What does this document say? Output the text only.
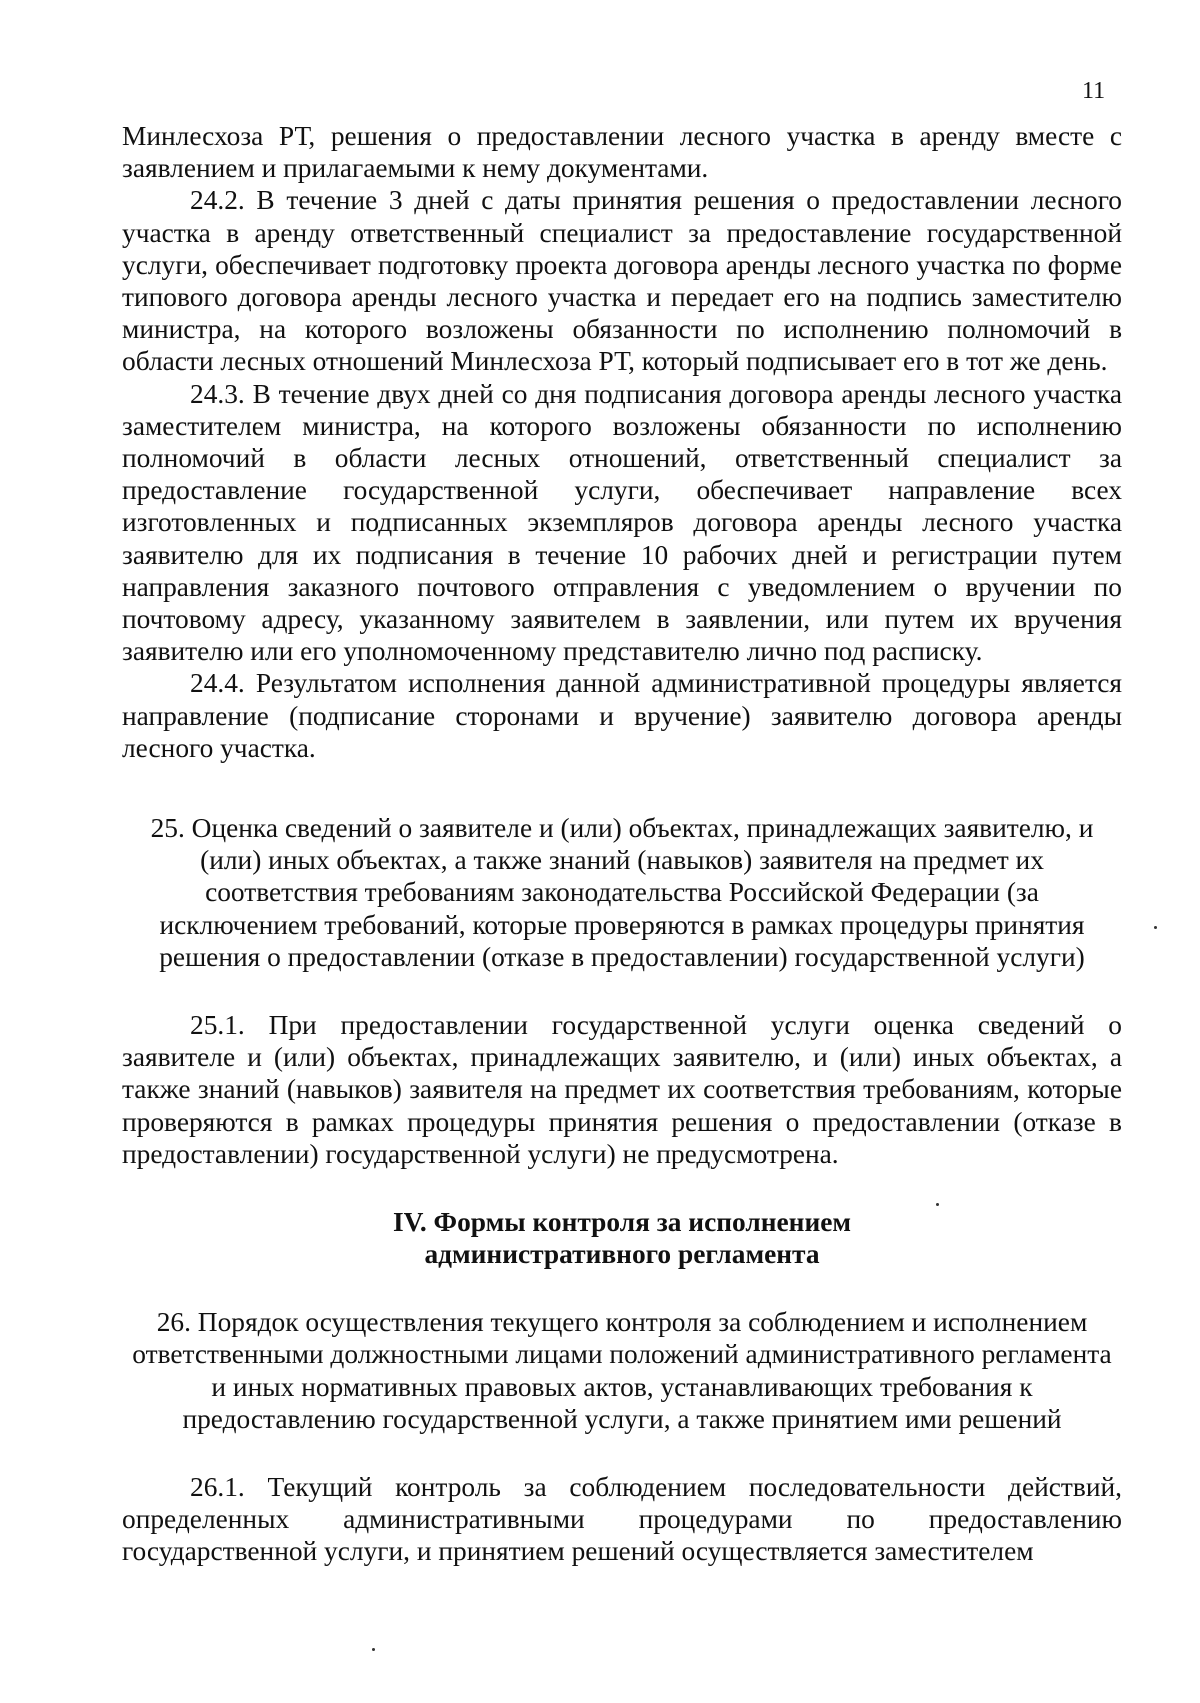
11

Минлесхоза РТ, решения о предоставлении лесного участка в аренду вместе с заявлением и прилагаемыми к нему документами.

24.2. В течение 3 дней с даты принятия решения о предоставлении лесного участка в аренду ответственный специалист за предоставление государственной услуги, обеспечивает подготовку проекта договора аренды лесного участка по форме типового договора аренды лесного участка и передает его на подпись заместителю министра, на которого возложены обязанности по исполнению полномочий в области лесных отношений Минлесхоза РТ, который подписывает его в тот же день.

24.3. В течение двух дней со дня подписания договора аренды лесного участка заместителем министра, на которого возложены обязанности по исполнению полномочий в области лесных отношений, ответственный специалист за предоставление государственной услуги, обеспечивает направление всех изготовленных и подписанных экземпляров договора аренды лесного участка заявителю для их подписания в течение 10 рабочих дней и регистрации путем направления заказного почтового отправления с уведомлением о вручении по почтовому адресу, указанному заявителем в заявлении, или путем их вручения заявителю или его уполномоченному представителю лично под расписку.

24.4. Результатом исполнения данной административной процедуры является направление (подписание сторонами и вручение) заявителю договора аренды лесного участка.

25. Оценка сведений о заявителе и (или) объектах, принадлежащих заявителю, и (или) иных объектах, а также знаний (навыков) заявителя на предмет их соответствия требованиям законодательства Российской Федерации (за исключением требований, которые проверяются в рамках процедуры принятия решения о предоставлении (отказе в предоставлении) государственной услуги)

25.1. При предоставлении государственной услуги оценка сведений о заявителе и (или) объектах, принадлежащих заявителю, и (или) иных объектах, а также знаний (навыков) заявителя на предмет их соответствия требованиям, которые проверяются в рамках процедуры принятия решения о предоставлении (отказе в предоставлении) государственной услуги) не предусмотрена.

IV. Формы контроля за исполнением

административного регламента

26. Порядок осуществления текущего контроля за соблюдением и исполнением ответственными должностными лицами положений административного регламента и иных нормативных правовых актов, устанавливающих требования к предоставлению государственной услуги, а также принятием ими решений

26.1. Текущий контроль за соблюдением последовательности действий, определенных административными процедурами по предоставлению государственной услуги, и принятием решений осуществляется заместителем
